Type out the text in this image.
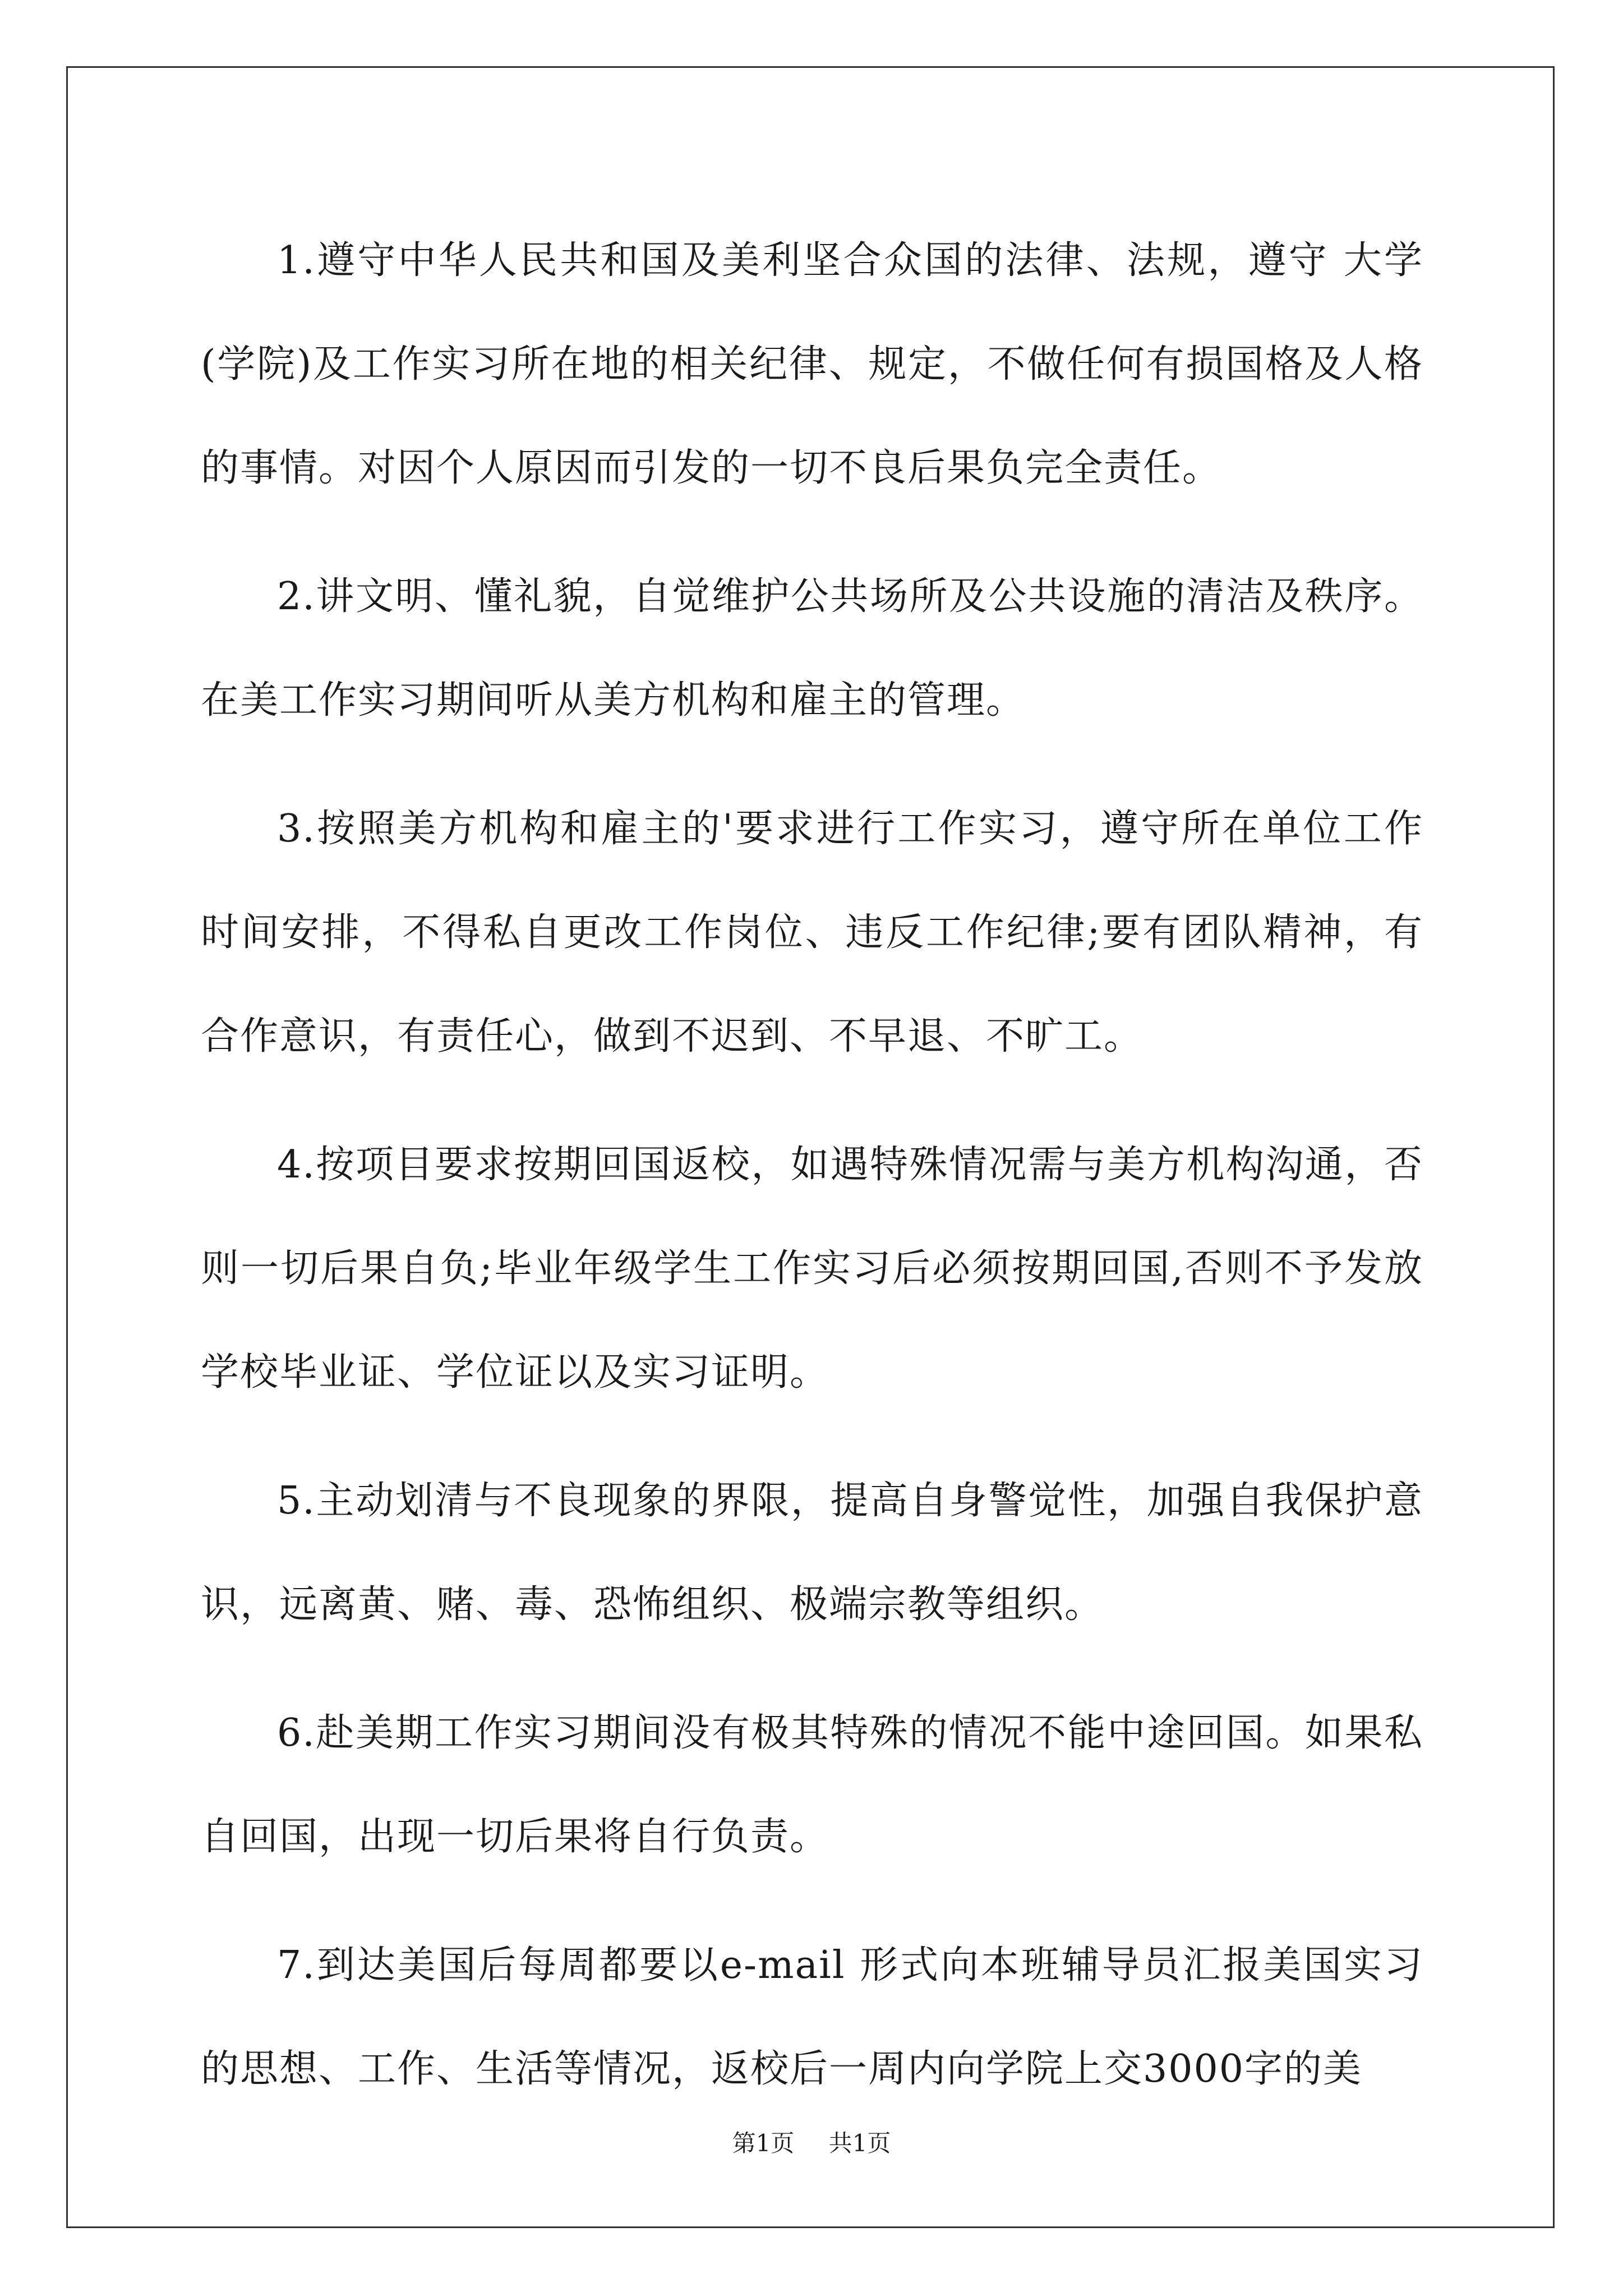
1.遵守中华人民共和国及美利坚合众国的法律、法规，遵守 大学(学院)及工作实习所在地的相关纪律、规定，不做任何有损国格及人格的事情。对因个人原因而引发的一切不良后果负完全责任。

2.讲文明、懂礼貌，自觉维护公共场所及公共设施的清洁及秩序。在美工作实习期间听从美方机构和雇主的管理。

3.按照美方机构和雇主的'要求进行工作实习，遵守所在单位工作时间安排，不得私自更改工作岗位、违反工作纪律;要有团队精神，有合作意识，有责任心，做到不迟到、不早退、不旷工。

4.按项目要求按期回国返校，如遇特殊情况需与美方机构沟通，否则一切后果自负;毕业年级学生工作实习后必须按期回国,否则不予发放学校毕业证、学位证以及实习证明。

5.主动划清与不良现象的界限，提高自身警觉性，加强自我保护意识，远离黄、赌、毒、恐怖组织、极端宗教等组织。

6.赴美期工作实习期间没有极其特殊的情况不能中途回国。如果私自回国，出现一切后果将自行负责。

7.到达美国后每周都要以e-mail 形式向本班辅导员汇报美国实习的思想、工作、生活等情况，返校后一周内向学院上交3000字的美

第1页 共1页
